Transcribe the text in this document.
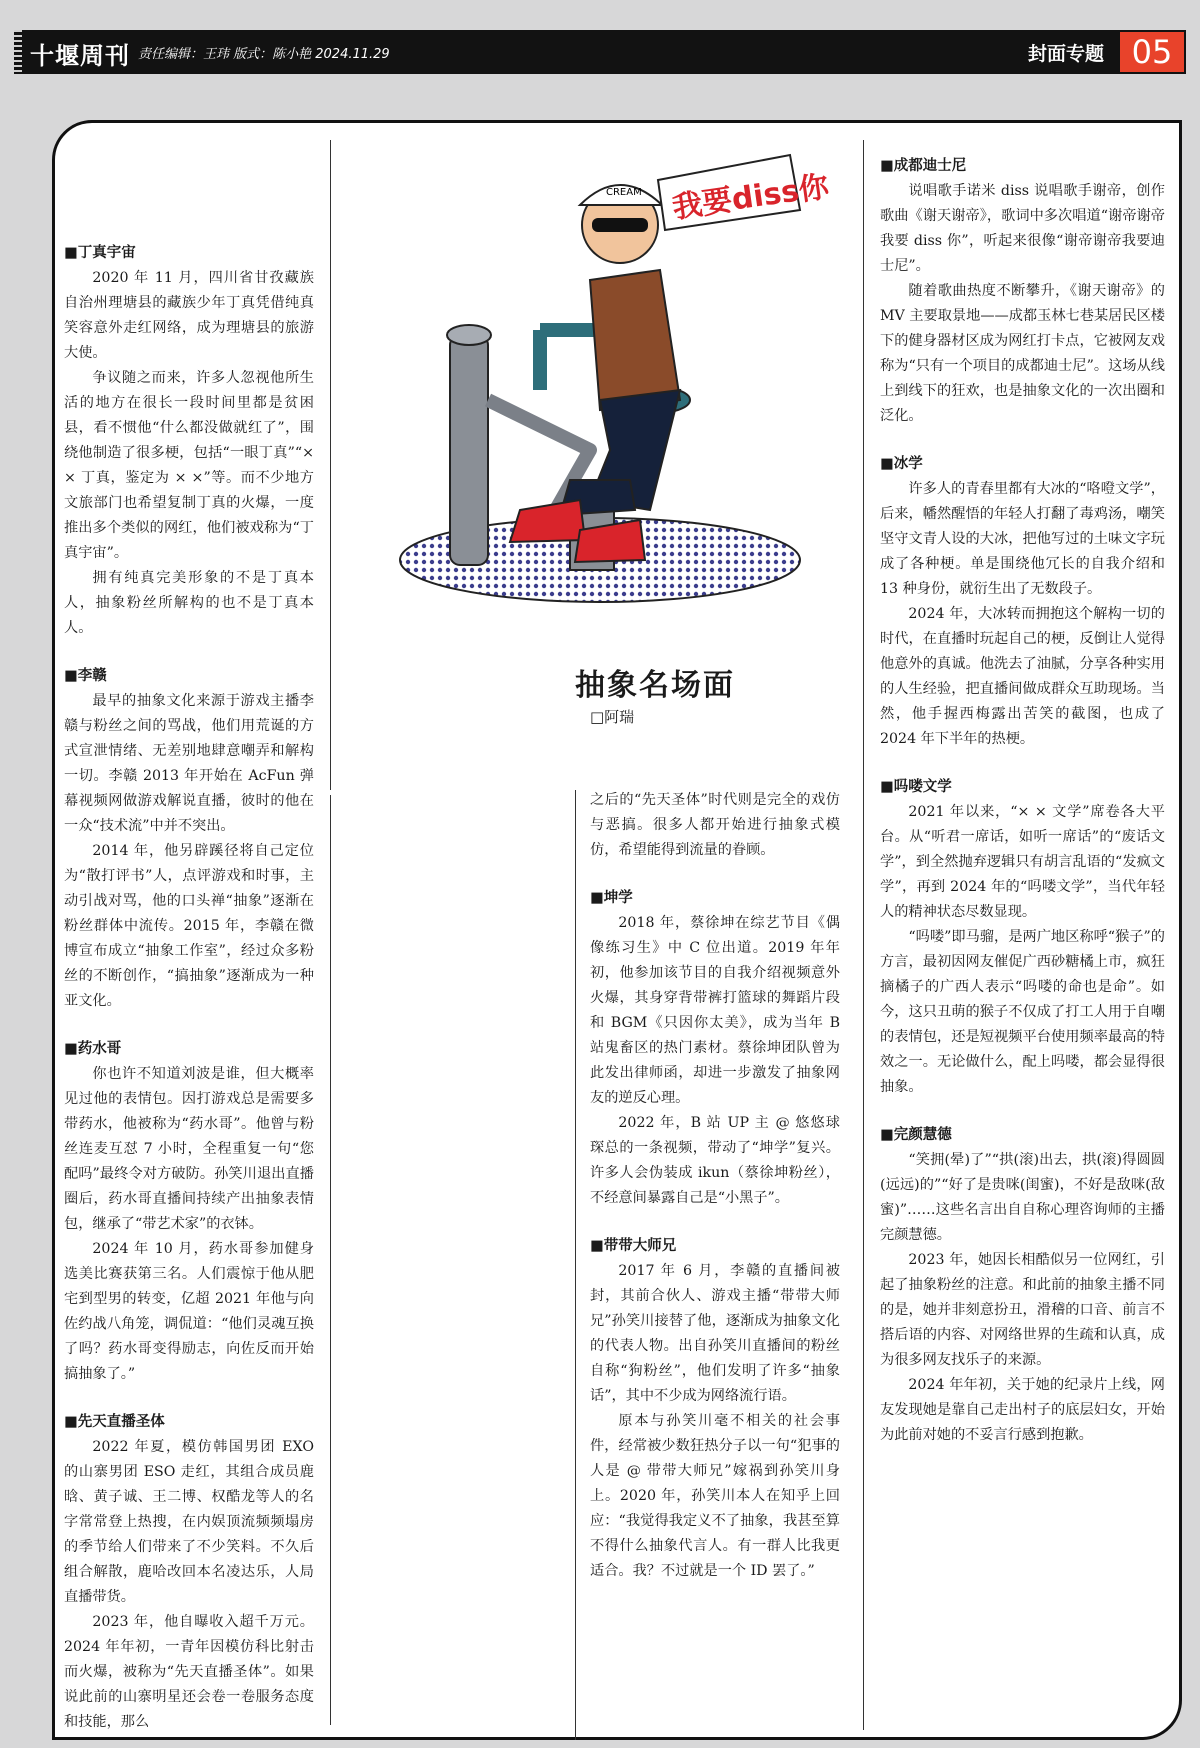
十堰周刊 责任编辑：王玮 版式：陈小艳 2024.11.29	封面专题 05
CREAM 我要diss你
抽象名场面
□阿瑞
■丁真宇宙

2020 年 11 月，四川省甘孜藏族自治州理塘县的藏族少年丁真凭借纯真笑容意外走红网络，成为理塘县的旅游大使。

争议随之而来，许多人忽视他所生活的地方在很长一段时间里都是贫困县，看不惯他“什么都没做就红了”，围绕他制造了很多梗，包括“一眼丁真”“× × 丁真，鉴定为 × ×”等。而不少地方文旅部门也希望复制丁真的火爆，一度推出多个类似的网红，他们被戏称为“丁真宇宙”。

拥有纯真完美形象的不是丁真本人，抽象粉丝所解构的也不是丁真本人。

■李赣

最早的抽象文化来源于游戏主播李赣与粉丝之间的骂战，他们用荒诞的方式宣泄情绪、无差别地肆意嘲弄和解构一切。李赣 2013 年开始在 AcFun 弹幕视频网做游戏解说直播，彼时的他在一众“技术流”中并不突出。

2014 年，他另辟蹊径将自己定位为“散打评书”人，点评游戏和时事，主动引战对骂，他的口头禅“抽象”逐渐在粉丝群体中流传。2015 年，李赣在微博宣布成立“抽象工作室”，经过众多粉丝的不断创作，“搞抽象”逐渐成为一种亚文化。

■药水哥

你也许不知道刘波是谁，但大概率见过他的表情包。因打游戏总是需要多带药水，他被称为“药水哥”。他曾与粉丝连麦互怼 7 小时，全程重复一句“您配吗”最终令对方破防。孙笑川退出直播圈后，药水哥直播间持续产出抽象表情包，继承了“带艺术家”的衣钵。

2024 年 10 月，药水哥参加健身选美比赛获第三名。人们震惊于他从肥宅到型男的转变，亿超 2021 年他与向佐约战八角笼，调侃道：“他们灵魂互换了吗？药水哥变得励志，向佐反而开始搞抽象了。”

■先天直播圣体

2022 年夏，模仿韩国男团 EXO 的山寨男团 ESO 走红，其组合成员鹿晗、黄子诚、王二博、权酷龙等人的名字常常登上热搜，在内娱顶流频频塌房的季节给人们带来了不少笑料。不久后组合解散，鹿哈改回本名凌达乐，人局直播带货。

2023 年，他自曝收入超千万元。2024 年年初，一青年因模仿科比射击而火爆，被称为“先天直播圣体”。如果说此前的山寨明星还会卷一卷服务态度和技能，那么

之后的“先天圣体”时代则是完全的戏仿与恶搞。很多人都开始进行抽象式模仿，希望能得到流量的眷顾。

■坤学

2018 年，蔡徐坤在综艺节目《偶像练习生》中 C 位出道。2019 年年初，他参加该节目的自我介绍视频意外火爆，其身穿背带裤打篮球的舞蹈片段和 BGM《只因你太美》，成为当年 B 站鬼畜区的热门素材。蔡徐坤团队曾为此发出律师函，却进一步激发了抽象网友的逆反心理。

2022 年，B 站 UP 主 @ 悠悠球琛总的一条视频，带动了“坤学”复兴。许多人会伪装成 ikun（蔡徐坤粉丝），不经意间暴露自己是“小黑子”。

■带带大师兄

2017 年 6 月，李赣的直播间被封，其前合伙人、游戏主播“带带大师兄”孙笑川接替了他，逐渐成为抽象文化的代表人物。出自孙笑川直播间的粉丝自称“狗粉丝”，他们发明了许多“抽象话”，其中不少成为网络流行语。

原本与孙笑川毫不相关的社会事件，经常被少数狂热分子以一句“犯事的人是 @ 带带大师兄”嫁祸到孙笑川身上。2020 年，孙笑川本人在知乎上回应：“我觉得我定义不了抽象，我甚至算不得什么抽象代言人。有一群人比我更适合。我？不过就是一个 ID 罢了。”

■成都迪士尼

说唱歌手诺米 diss 说唱歌手谢帝，创作歌曲《谢天谢帝》，歌词中多次唱道“谢帝谢帝我要 diss 你”，听起来很像“谢帝谢帝我要迪士尼”。

随着歌曲热度不断攀升，《谢天谢帝》的 MV 主要取景地——成都玉林七巷某居民区楼下的健身器材区成为网红打卡点，它被网友戏称为“只有一个项目的成都迪士尼”。这场从线上到线下的狂欢，也是抽象文化的一次出圈和泛化。

■冰学

许多人的青春里都有大冰的“咯噔文学”，后来，幡然醒悟的年轻人打翻了毒鸡汤，嘲笑坚守文青人设的大冰，把他写过的土味文字玩成了各种梗。单是围绕他冗长的自我介绍和 13 种身份，就衍生出了无数段子。

2024 年，大冰转而拥抱这个解构一切的时代，在直播时玩起自己的梗，反倒让人觉得他意外的真诚。他洗去了油腻，分享各种实用的人生经验，把直播间做成群众互助现场。当然，他手握西梅露出苦笑的截图，也成了 2024 年下半年的热梗。

■吗喽文学

2021 年以来，“× × 文学”席卷各大平台。从“听君一席话，如听一席话”的“废话文学”，到全然抛弃逻辑只有胡言乱语的“发疯文学”，再到 2024 年的“吗喽文学”，当代年轻人的精神状态尽数显现。

“吗喽”即马骝，是两广地区称呼“猴子”的方言，最初因网友催促广西砂糖橘上市，疯狂摘橘子的广西人表示“吗喽的命也是命”。如今，这只丑萌的猴子不仅成了打工人用于自嘲的表情包，还是短视频平台使用频率最高的特效之一。无论做什么，配上吗喽，都会显得很抽象。

■完颜慧德

“笑拥(晕)了”“拱(滚)出去，拱(滚)得圆圆(远远)的”“好了是贵咪(闺蜜)，不好是敌咪(敌蜜)”……这些名言出自自称心理咨询师的主播完颜慧德。

2023 年，她因长相酷似另一位网红，引起了抽象粉丝的注意。和此前的抽象主播不同的是，她并非刻意扮丑，滑稽的口音、前言不搭后语的内容、对网络世界的生疏和认真，成为很多网友找乐子的来源。

2024 年年初，关于她的纪录片上线，网友发现她是靠自己走出村子的底层妇女，开始为此前对她的不妥言行感到抱歉。
